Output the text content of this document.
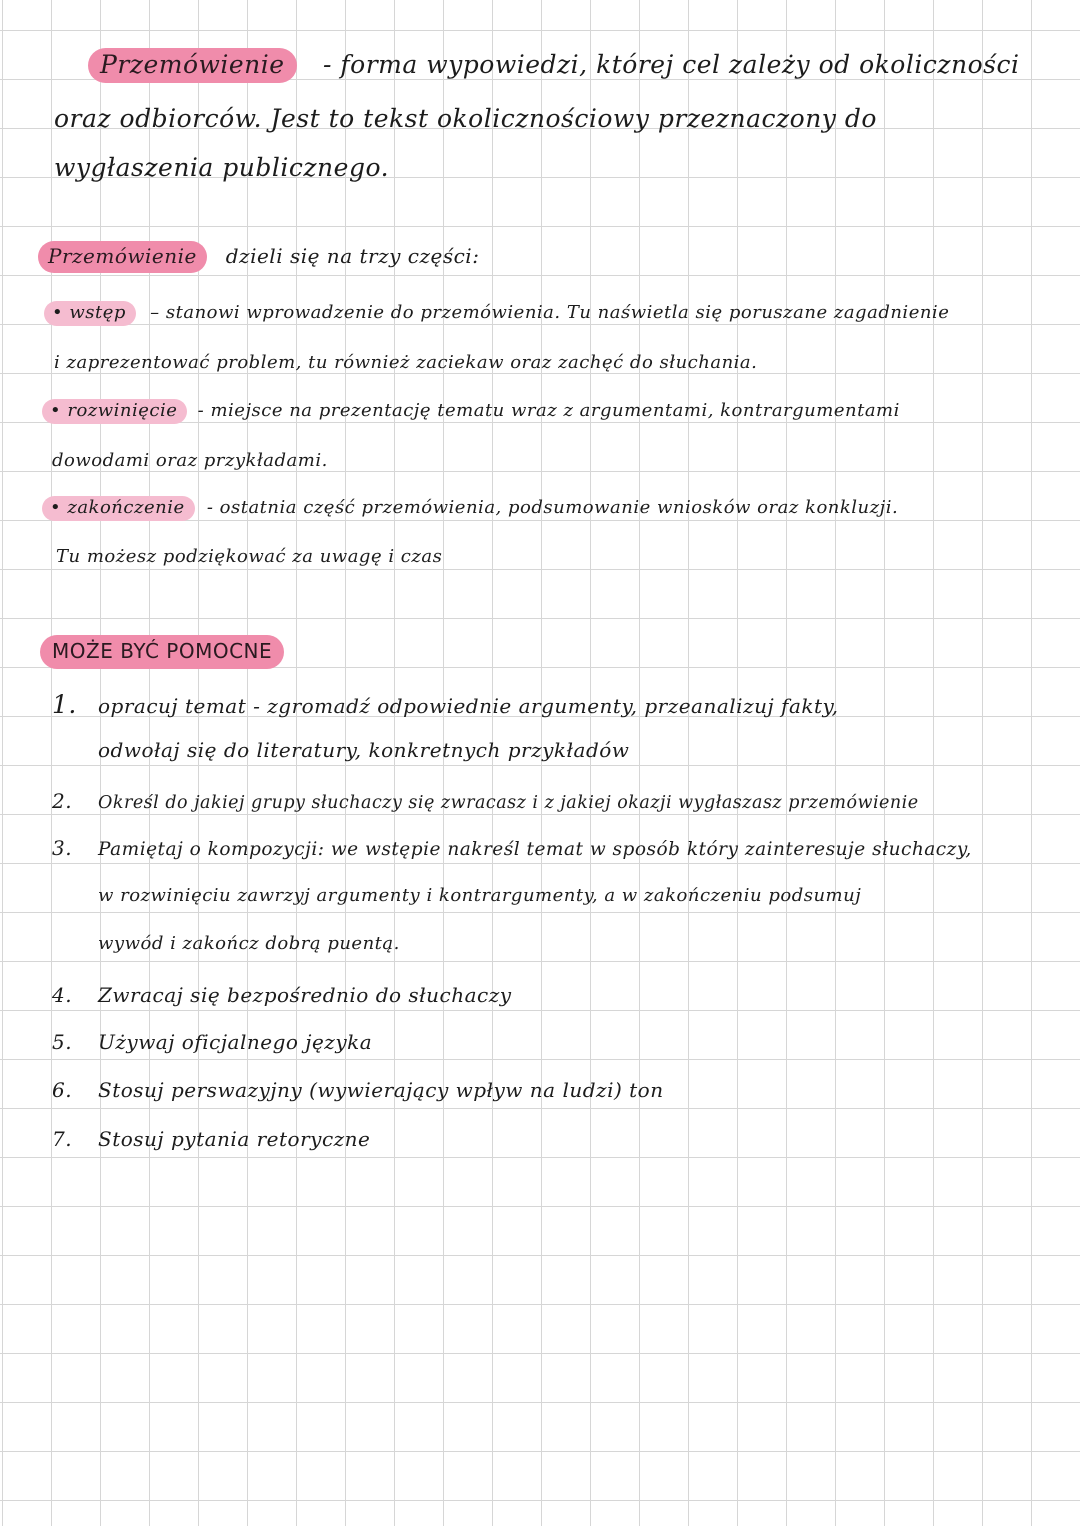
Przemówienie - forma wypowiedzi, której cel zależy od okoliczności
oraz odbiorców. Jest to tekst okolicznościowy przeznaczony do
wygłaszenia publicznego.
Przemówienie dzieli się na trzy części:
• wstęp – stanowi wprowadzenie do przemówienia. Tu naświetla się poruszane zagadnienie
i zaprezentować problem, tu również zaciekaw oraz zachęć do słuchania.
• rozwinięcie - miejsce na prezentację tematu wraz z argumentami, kontrargumentami
dowodami oraz przykładami.
• zakończenie - ostatnia część przemówienia, podsumowanie wniosków oraz konkluzji.
Tu możesz podziękować za uwagę i czas
MOŻE BYĆ POMOCNE
1. opracuj temat - zgromadź odpowiednie argumenty, przeanalizuj fakty,
odwołaj się do literatury, konkretnych przykładów
2. Określ do jakiej grupy słuchaczy się zwracasz i z jakiej okazji wygłaszasz przemówienie
3. Pamiętaj o kompozycji: we wstępie nakreśl temat w sposób który zainteresuje słuchaczy,
w rozwinięciu zawrzyj argumenty i kontrargumenty, a w zakończeniu podsumuj
wywód i zakończ dobrą puentą.
4. Zwracaj się bezpośrednio do słuchaczy
5. Używaj oficjalnego języka
6. Stosuj perswazyjny (wywierający wpływ na ludzi) ton
7. Stosuj pytania retoryczne
